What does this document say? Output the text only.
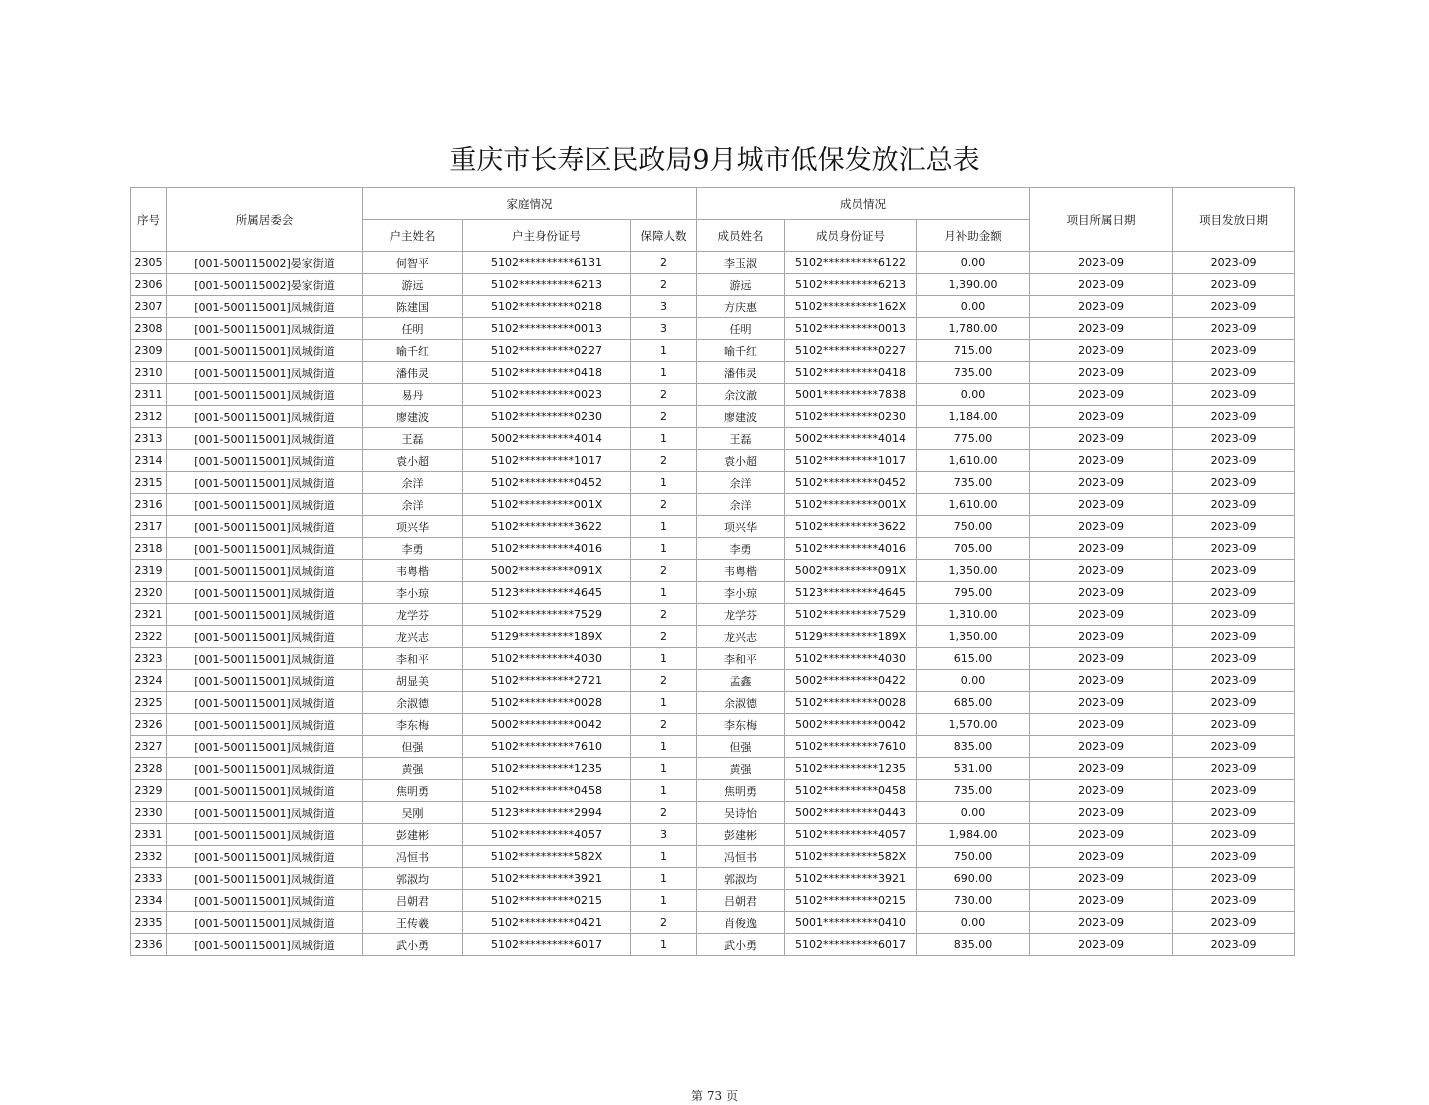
重庆市长寿区民政局9月城市低保发放汇总表
序号	所属居委会	家庭情况			成员情况			项目所属日期	项目发放日期
		户主姓名	户主身份证号	保障人数	成员姓名	成员身份证号	月补助金额		
2305	[001-500115002]晏家街道	何智平	5102**********6131	2	李玉淑	5102**********6122	0.00	2023-09	2023-09
2306	[001-500115002]晏家街道	游远	5102**********6213	2	游远	5102**********6213	1,390.00	2023-09	2023-09
2307	[001-500115001]凤城街道	陈建国	5102**********0218	3	方庆惠	5102**********162X	0.00	2023-09	2023-09
2308	[001-500115001]凤城街道	任明	5102**********0013	3	任明	5102**********0013	1,780.00	2023-09	2023-09
2309	[001-500115001]凤城街道	喻千红	5102**********0227	1	喻千红	5102**********0227	715.00	2023-09	2023-09
2310	[001-500115001]凤城街道	潘伟灵	5102**********0418	1	潘伟灵	5102**********0418	735.00	2023-09	2023-09
2311	[001-500115001]凤城街道	易丹	5102**********0023	2	余汶澈	5001**********7838	0.00	2023-09	2023-09
2312	[001-500115001]凤城街道	廖建波	5102**********0230	2	廖建波	5102**********0230	1,184.00	2023-09	2023-09
2313	[001-500115001]凤城街道	王磊	5002**********4014	1	王磊	5002**********4014	775.00	2023-09	2023-09
2314	[001-500115001]凤城街道	袁小超	5102**********1017	2	袁小超	5102**********1017	1,610.00	2023-09	2023-09
2315	[001-500115001]凤城街道	余洋	5102**********0452	1	余洋	5102**********0452	735.00	2023-09	2023-09
2316	[001-500115001]凤城街道	余洋	5102**********001X	2	余洋	5102**********001X	1,610.00	2023-09	2023-09
2317	[001-500115001]凤城街道	项兴华	5102**********3622	1	项兴华	5102**********3622	750.00	2023-09	2023-09
2318	[001-500115001]凤城街道	李勇	5102**********4016	1	李勇	5102**********4016	705.00	2023-09	2023-09
2319	[001-500115001]凤城街道	韦粤楷	5002**********091X	2	韦粤楷	5002**********091X	1,350.00	2023-09	2023-09
2320	[001-500115001]凤城街道	李小琼	5123**********4645	1	李小琼	5123**********4645	795.00	2023-09	2023-09
2321	[001-500115001]凤城街道	龙学芬	5102**********7529	2	龙学芬	5102**********7529	1,310.00	2023-09	2023-09
2322	[001-500115001]凤城街道	龙兴志	5129**********189X	2	龙兴志	5129**********189X	1,350.00	2023-09	2023-09
2323	[001-500115001]凤城街道	李和平	5102**********4030	1	李和平	5102**********4030	615.00	2023-09	2023-09
2324	[001-500115001]凤城街道	胡显美	5102**********2721	2	孟鑫	5002**********0422	0.00	2023-09	2023-09
2325	[001-500115001]凤城街道	余淑德	5102**********0028	1	余淑德	5102**********0028	685.00	2023-09	2023-09
2326	[001-500115001]凤城街道	李东梅	5002**********0042	2	李东梅	5002**********0042	1,570.00	2023-09	2023-09
2327	[001-500115001]凤城街道	但强	5102**********7610	1	但强	5102**********7610	835.00	2023-09	2023-09
2328	[001-500115001]凤城街道	黄强	5102**********1235	1	黄强	5102**********1235	531.00	2023-09	2023-09
2329	[001-500115001]凤城街道	焦明勇	5102**********0458	1	焦明勇	5102**********0458	735.00	2023-09	2023-09
2330	[001-500115001]凤城街道	吴刚	5123**********2994	2	吴诗怡	5002**********0443	0.00	2023-09	2023-09
2331	[001-500115001]凤城街道	彭建彬	5102**********4057	3	彭建彬	5102**********4057	1,984.00	2023-09	2023-09
2332	[001-500115001]凤城街道	冯恒书	5102**********582X	1	冯恒书	5102**********582X	750.00	2023-09	2023-09
2333	[001-500115001]凤城街道	郭淑均	5102**********3921	1	郭淑均	5102**********3921	690.00	2023-09	2023-09
2334	[001-500115001]凤城街道	吕朝君	5102**********0215	1	吕朝君	5102**********0215	730.00	2023-09	2023-09
2335	[001-500115001]凤城街道	王传羲	5102**********0421	2	肖俊逸	5001**********0410	0.00	2023-09	2023-09
2336	[001-500115001]凤城街道	武小勇	5102**********6017	1	武小勇	5102**********6017	835.00	2023-09	2023-09
第 73 页
